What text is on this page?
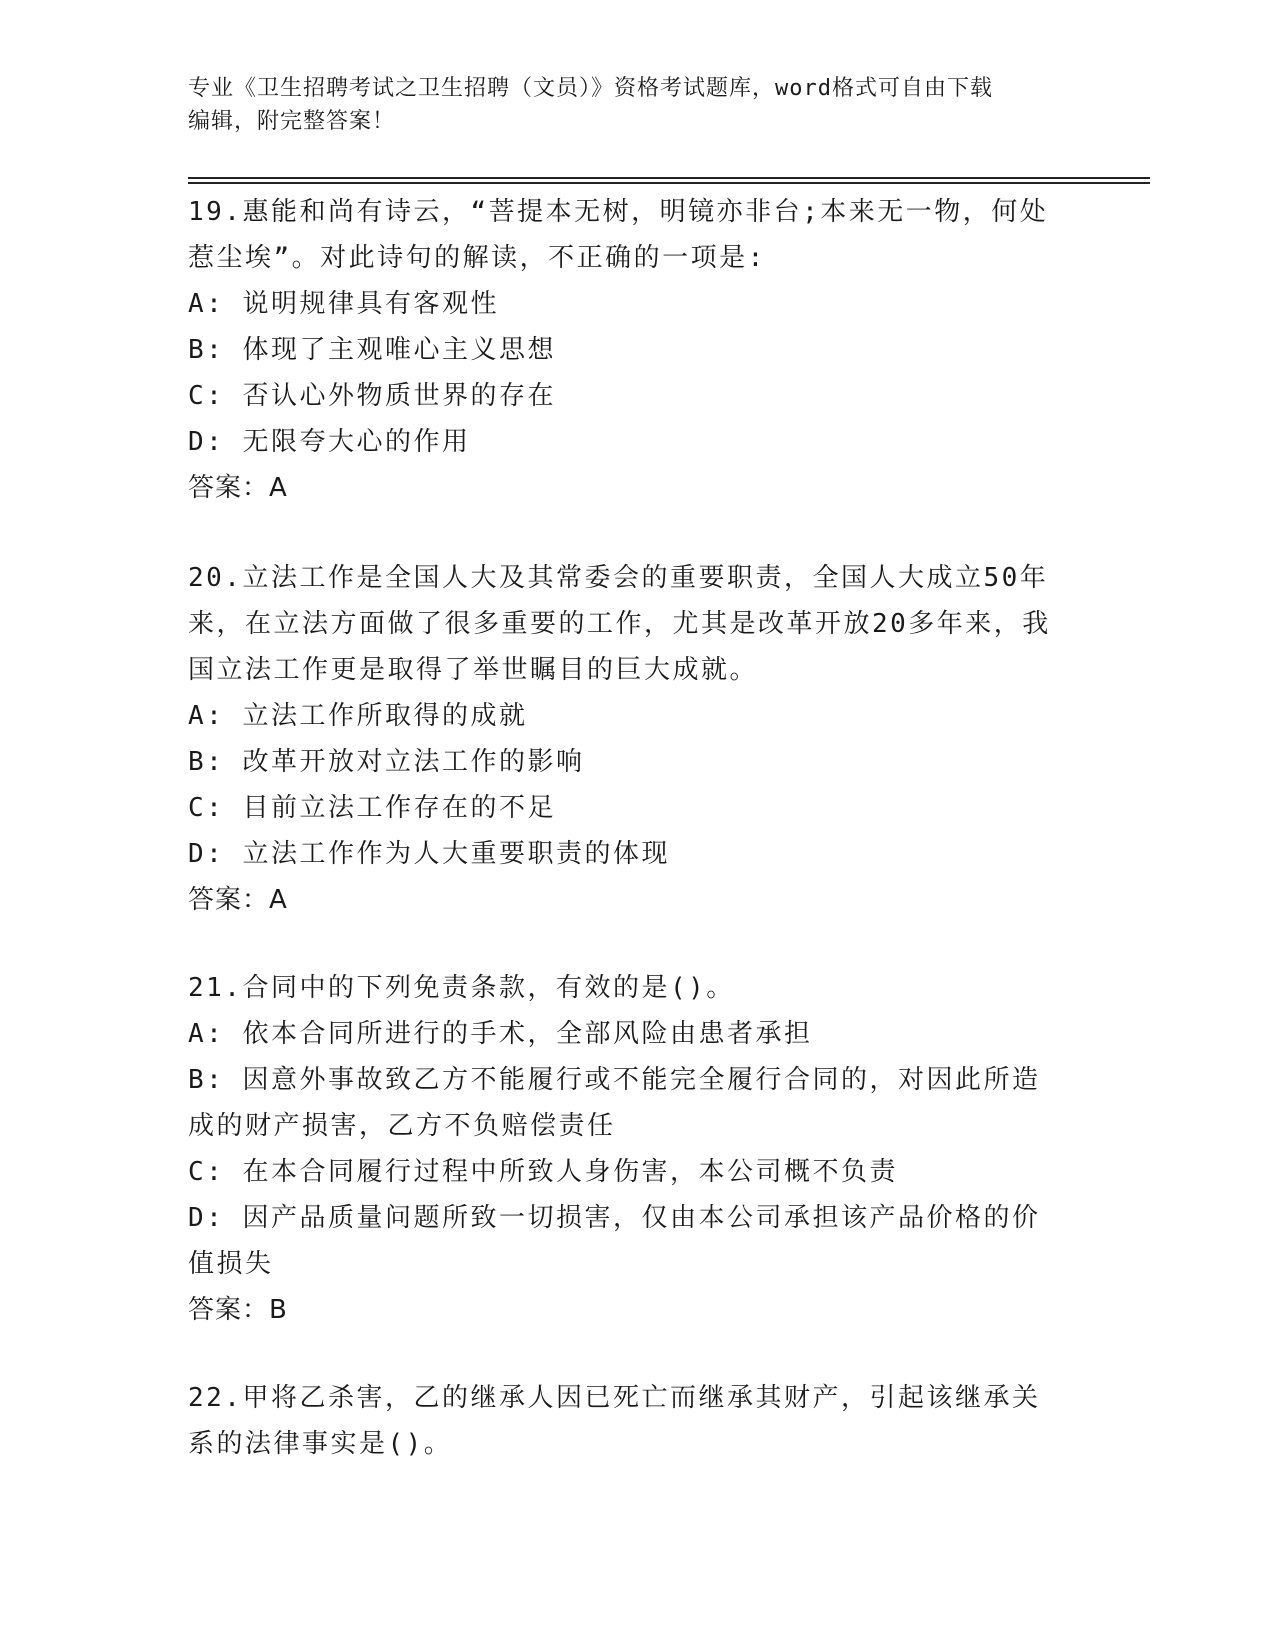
专业《卫生招聘考试之卫生招聘（文员）》资格考试题库，word格式可自由下载
编辑，附完整答案！
19.惠能和尚有诗云，“菩提本无树，明镜亦非台;本来无一物，何处惹尘埃”。对此诗句的解读，不正确的一项是:
A: 说明规律具有客观性
B: 体现了主观唯心主义思想
C: 否认心外物质世界的存在
D: 无限夸大心的作用
答案：A
20.立法工作是全国人大及其常委会的重要职责，全国人大成立50年来，在立法方面做了很多重要的工作，尤其是改革开放20多年来，我国立法工作更是取得了举世瞩目的巨大成就。
A: 立法工作所取得的成就
B: 改革开放对立法工作的影响
C: 目前立法工作存在的不足
D: 立法工作作为人大重要职责的体现
答案：A
21.合同中的下列免责条款，有效的是()。
A: 依本合同所进行的手术，全部风险由患者承担
B: 因意外事故致乙方不能履行或不能完全履行合同的，对因此所造成的财产损害，乙方不负赔偿责任
C: 在本合同履行过程中所致人身伤害，本公司概不负责
D: 因产品质量问题所致一切损害，仅由本公司承担该产品价格的价值损失
答案：B
22.甲将乙杀害，乙的继承人因已死亡而继承其财产，引起该继承关系的法律事实是()。
